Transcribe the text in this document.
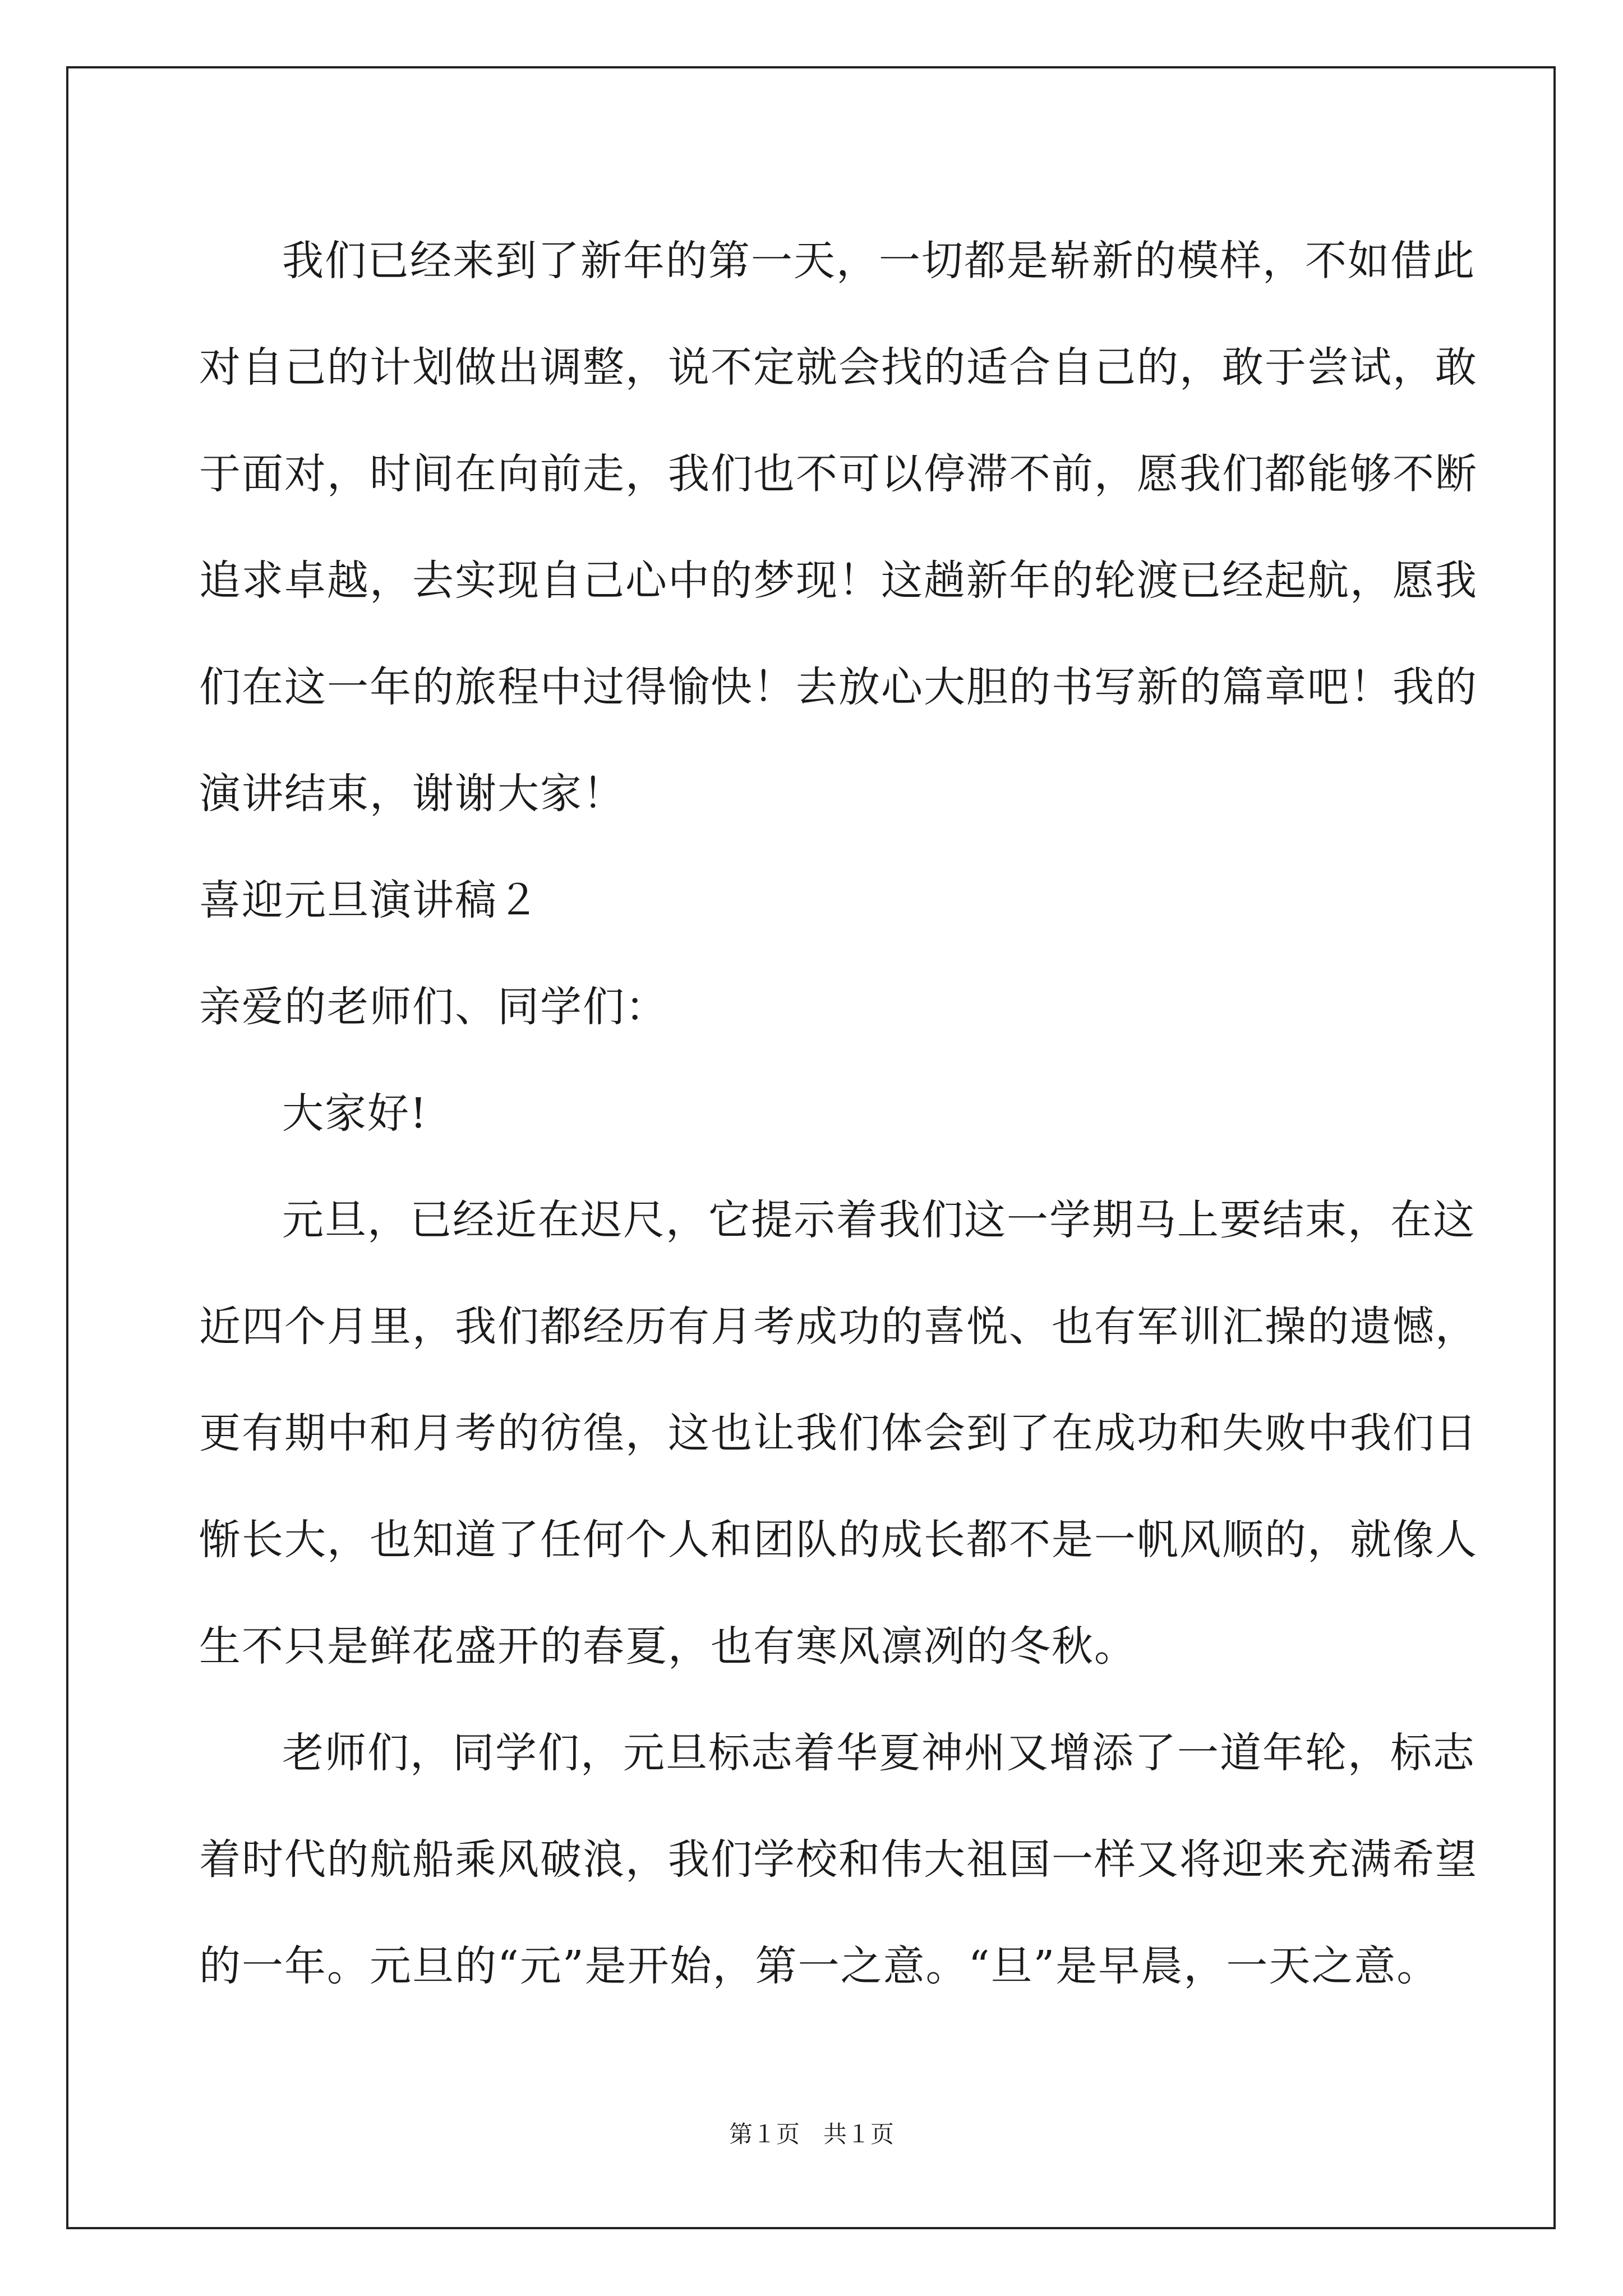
我们已经来到了新年的第一天，一切都是崭新的模样，不如借此
对自己的计划做出调整，说不定就会找的适合自己的，敢于尝试，敢
于面对，时间在向前走，我们也不可以停滞不前，愿我们都能够不断
追求卓越，去实现自己心中的梦现！这趟新年的轮渡已经起航，愿我
们在这一年的旅程中过得愉快！去放心大胆的书写新的篇章吧！我的
演讲结束，谢谢大家！
喜迎元旦演讲稿２
亲爱的老师们、同学们：
大家好!
元旦，已经近在迟尺，它提示着我们这一学期马上要结束，在这
近四个月里，我们都经历有月考成功的喜悦、也有军训汇操的遗憾，
更有期中和月考的彷徨，这也让我们体会到了在成功和失败中我们日
惭长大，也知道了任何个人和团队的成长都不是一帆风顺的，就像人
生不只是鲜花盛开的春夏，也有寒风凛冽的冬秋。
老师们，同学们，元旦标志着华夏神州又增添了一道年轮，标志
着时代的航船乘风破浪，我们学校和伟大祖国一样又将迎来充满希望
的一年。元旦的“元”是开始，第一之意。“旦”是早晨，一天之意。
第１页　共１页
